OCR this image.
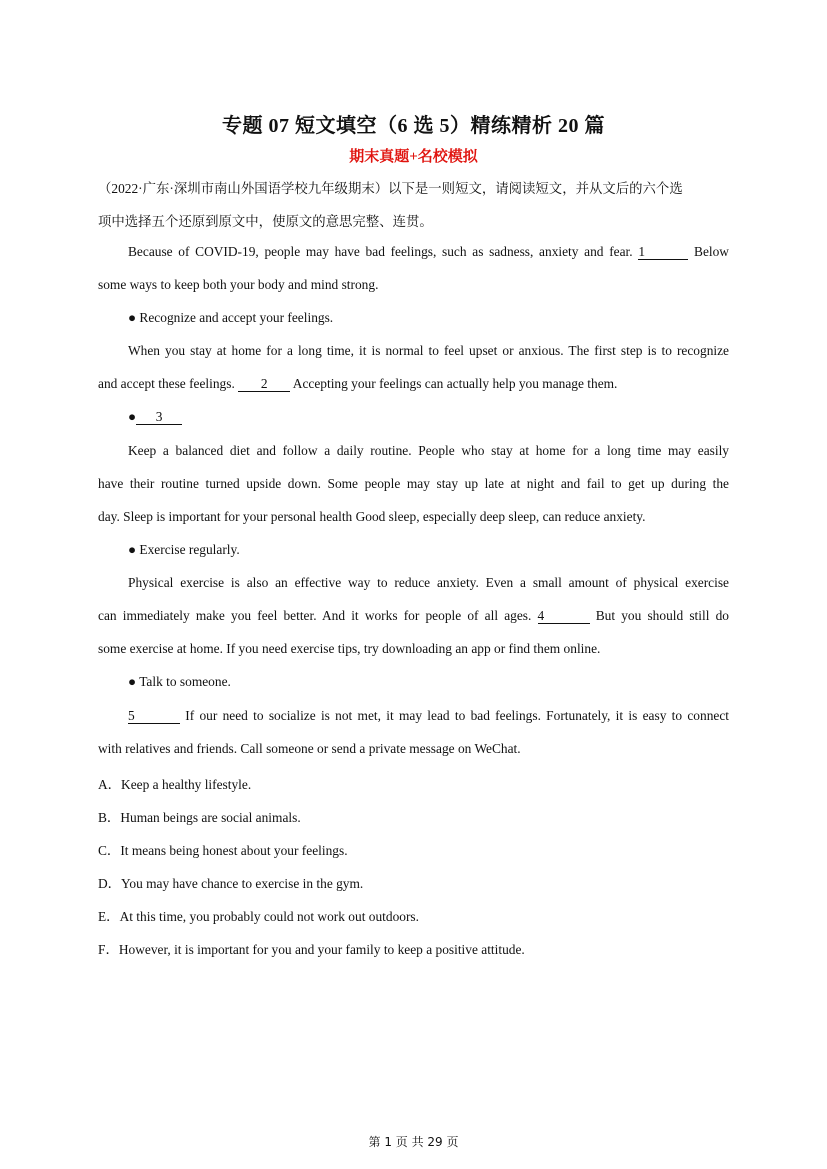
专题 07 短文填空（6 选 5）精练精析 20 篇
期末真题+名校模拟
（2022·广东·深圳市南山外国语学校九年级期末）以下是一则短文，请阅读短文，并从文后的六个选
项中选择五个还原到原文中，使原文的意思完整、连贯。
Because of COVID-19, people may have bad feelings, such as sadness, anxiety and fear. 1	Below
some ways to keep both your body and mind strong.
● Recognize and accept your feelings.
When you stay at home for a long time, it is normal to feel upset or anxious. The first step is to recognize
and accept these feelings. 2 Accepting your feelings can actually help you manage them.
● 3
Keep a balanced diet and follow a daily routine. People who stay at home for a long time may easily
have their routine turned upside down. Some people may stay up late at night and fail to get up during the
day. Sleep is important for your personal health Good sleep, especially deep sleep, can reduce anxiety.
● Exercise regularly.
Physical exercise is also an effective way to reduce anxiety. Even a small amount of physical exercise
can immediately make you feel better. And it works for people of all ages. 4	But you should still do
some exercise at home. If you need exercise tips, try downloading an app or find them online.
● Talk to someone.
5	If our need to socialize is not met, it may lead to bad feelings. Fortunately, it is easy to connect
with relatives and friends. Call someone or send a private message on WeChat.
A．Keep a healthy lifestyle.
B．Human beings are social animals.
C．It means being honest about your feelings.
D．You may have chance to exercise in the gym.
E．At this time, you probably could not work out outdoors.
F．However, it is important for you and your family to keep a positive attitude.
第 1 页 共 29 页
